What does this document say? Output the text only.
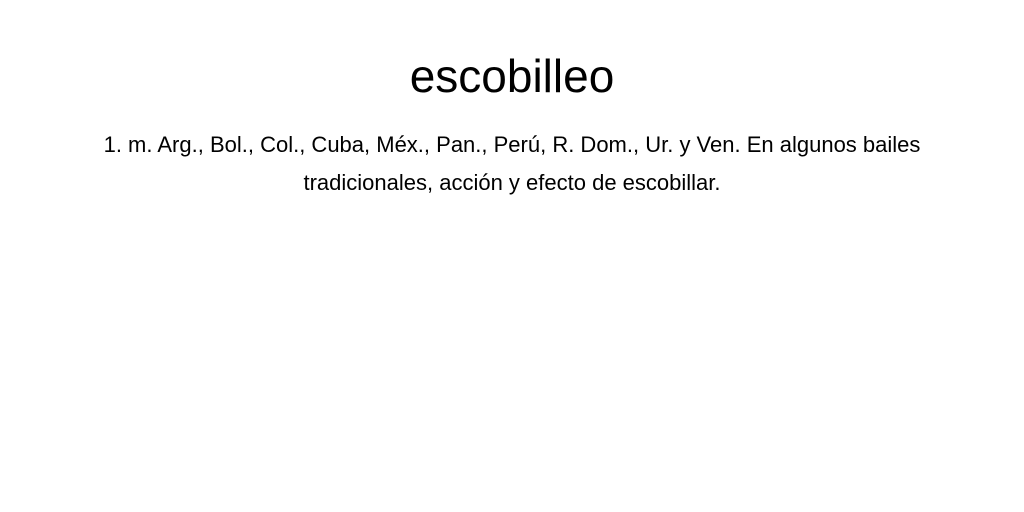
escobilleo

1. m. Arg., Bol., Col., Cuba, Méx., Pan., Perú, R. Dom., Ur. y Ven. En algunos bailes tradicionales, acción y efecto de escobillar.
